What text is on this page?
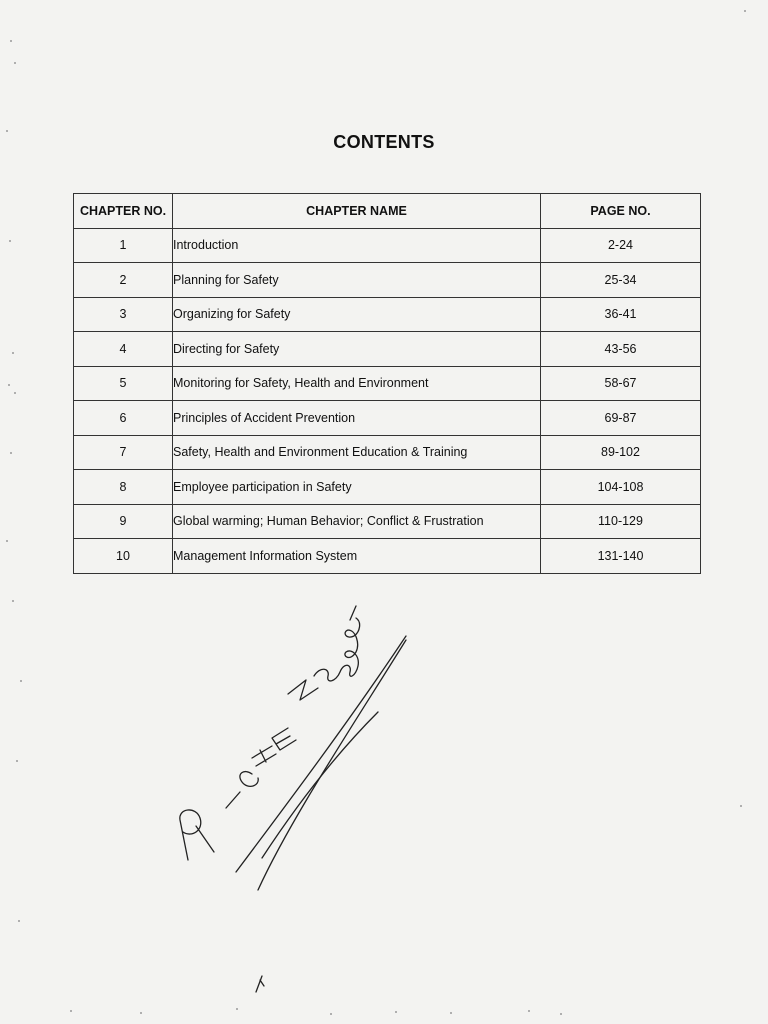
CONTENTS
CHAPTER NO.	CHAPTER NAME	PAGE NO.
1	Introduction	2-24
2	Planning for Safety	25-34
3	Organizing for Safety	36-41
4	Directing for Safety	43-56
5	Monitoring for Safety, Health and Environment	58-67
6	Principles of Accident Prevention	69-87
7	Safety, Health and Environment Education & Training	89-102
8	Employee participation in Safety	104-108
9	Global warming; Human Behavior; Conflict & Frustration	110-129
10	Management Information System	131-140
